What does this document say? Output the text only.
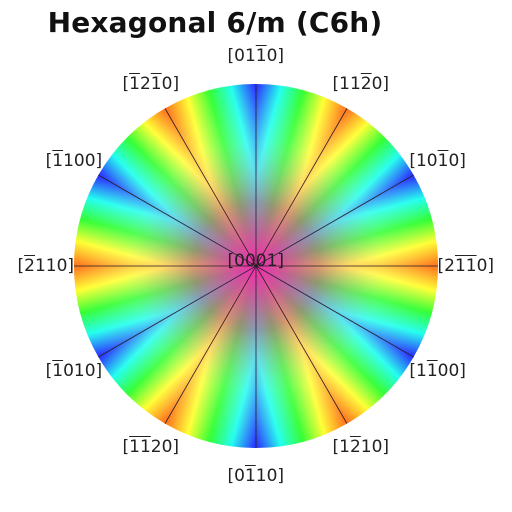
Hexagonal 6/m (C6h)
[2110]
[1010]
[1120]
[0110]
[1210]
[1100]
[2110]
[1010]
[1120]
[0110]
[1210]
[1100]
[0001]
